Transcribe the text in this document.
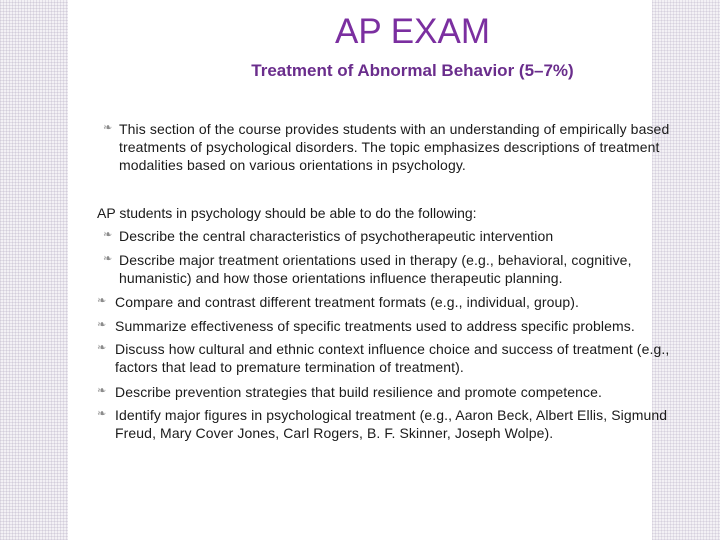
AP EXAM
Treatment of Abnormal Behavior (5–7%)
❧ This section of the course provides students with an understanding of empirically based treatments of psychological disorders. The topic emphasizes descriptions of treatment modalities based on various orientations in psychology.
AP students in psychology should be able to do the following:
❧ Describe the central characteristics of psychotherapeutic intervention
❧ Describe major treatment orientations used in therapy (e.g., behavioral, cognitive, humanistic) and how those orientations influence therapeutic planning.
❧ Compare and contrast different treatment formats (e.g., individual, group).
❧ Summarize effectiveness of specific treatments used to address specific problems.
❧ Discuss how cultural and ethnic context influence choice and success of treatment (e.g., factors that lead to premature termination of treatment).
❧ Describe prevention strategies that build resilience and promote competence.
❧ Identify major figures in psychological treatment (e.g., Aaron Beck, Albert Ellis, Sigmund Freud, Mary Cover Jones, Carl Rogers, B. F. Skinner, Joseph Wolpe).
